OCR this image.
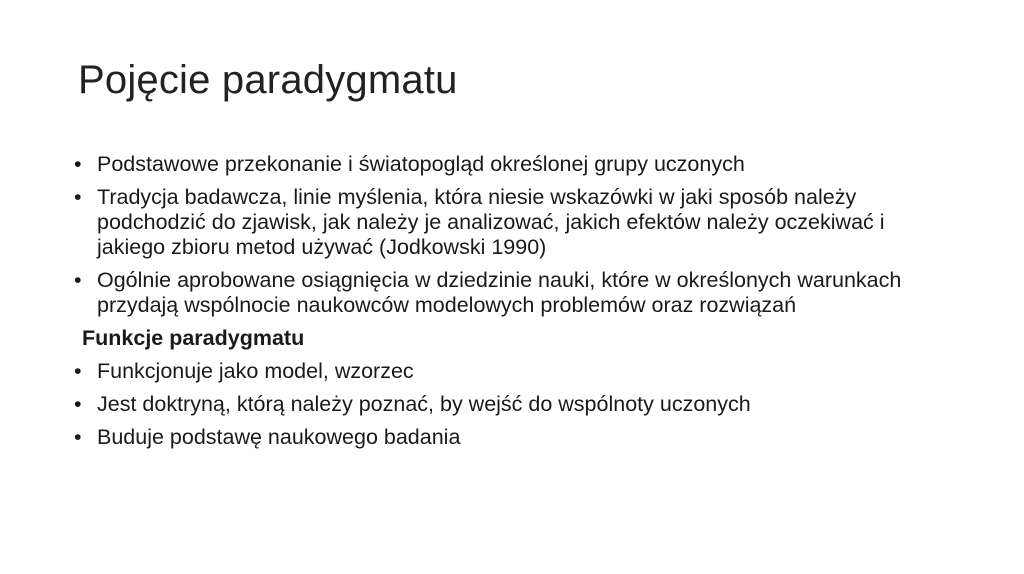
Pojęcie paradygmatu
• Podstawowe przekonanie i światopogląd określonej grupy uczonych
• Tradycja badawcza, linie myślenia, która niesie wskazówki w jaki sposób należy podchodzić do zjawisk, jak należy je analizować, jakich efektów należy oczekiwać i jakiego zbioru metod używać (Jodkowski 1990)
• Ogólnie aprobowane osiągnięcia w dziedzinie nauki, które w określonych warunkach przydają wspólnocie naukowców modelowych problemów oraz rozwiązań
Funkcje paradygmatu
• Funkcjonuje jako model, wzorzec
• Jest doktryną, którą należy poznać, by wejść do wspólnoty uczonych
• Buduje podstawę naukowego badania
